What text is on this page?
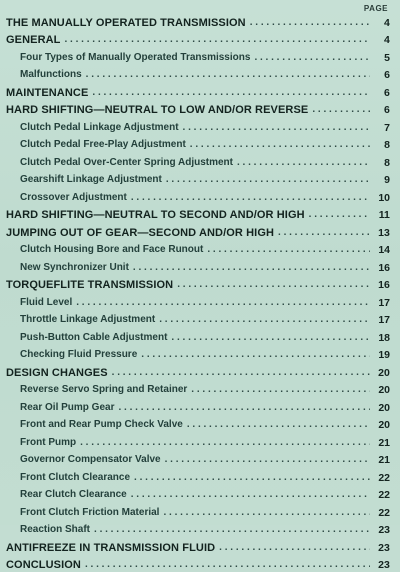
PAGE
THE MANUALLY OPERATED TRANSMISSION . . .	4
GENERAL . . .	4
Four Types of Manually Operated Transmissions . . .	5
Malfunctions . . .	6
MAINTENANCE . . .	6
HARD SHIFTING—NEUTRAL TO LOW AND/OR REVERSE . . .	6
Clutch Pedal Linkage Adjustment . . .	7
Clutch Pedal Free-Play Adjustment . . .	8
Clutch Pedal Over-Center Spring Adjustment . . .	8
Gearshift Linkage Adjustment . . .	9
Crossover Adjustment . . .	10
HARD SHIFTING—NEUTRAL TO SECOND AND/OR HIGH . . .	11
JUMPING OUT OF GEAR—SECOND AND/OR HIGH . . .	13
Clutch Housing Bore and Face Runout . . .	14
New Synchronizer Unit . . .	16
TORQUEFLITE TRANSMISSION . . .	16
Fluid Level . . .	17
Throttle Linkage Adjustment . . .	17
Push-Button Cable Adjustment . . .	18
Checking Fluid Pressure . . .	19
DESIGN CHANGES . . .	20
Reverse Servo Spring and Retainer . . .	20
Rear Oil Pump Gear . . .	20
Front and Rear Pump Check Valve . . .	20
Front Pump . . .	21
Governor Compensator Valve . . .	21
Front Clutch Clearance . . .	22
Rear Clutch Clearance . . .	22
Front Clutch Friction Material . . .	22
Reaction Shaft . . .	23
ANTIFREEZE IN TRANSMISSION FLUID . . .	23
CONCLUSION . . .	23
